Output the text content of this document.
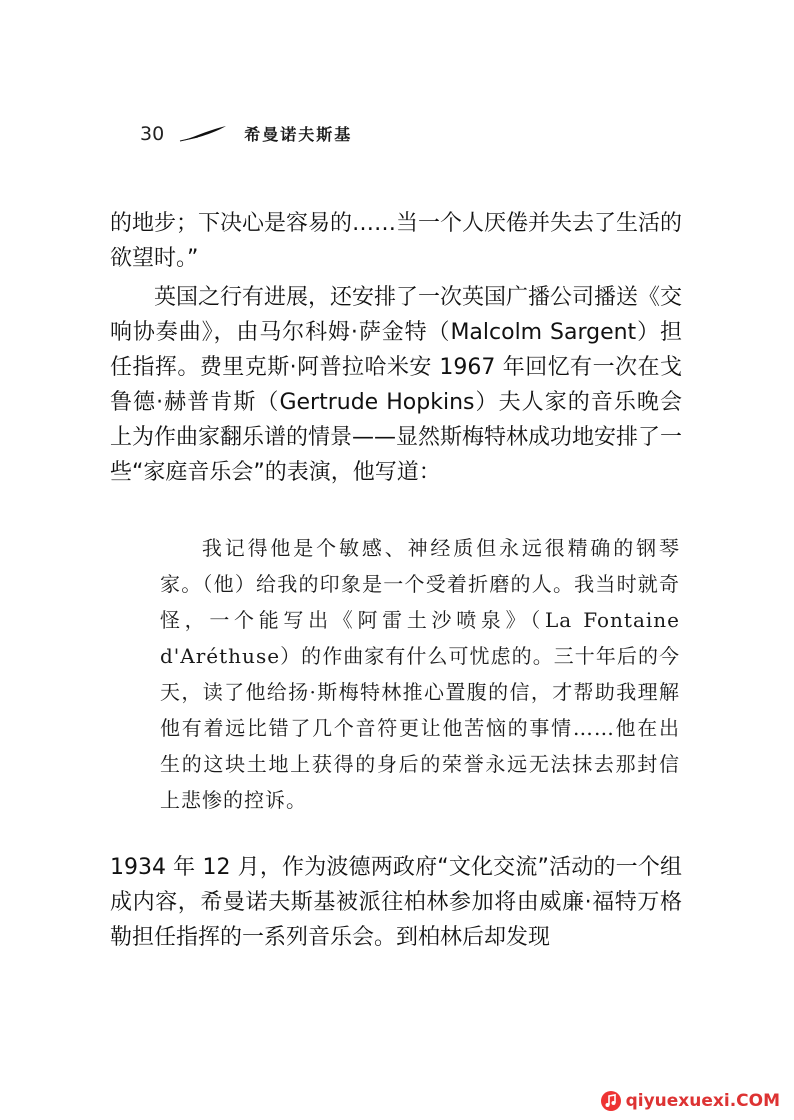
30	希曼诺夫斯基

的地步；下决心是容易的……当一个人厌倦并失去了生活的欲望时。”

英国之行有进展，还安排了一次英国广播公司播送《交响协奏曲》，由马尔科姆·萨金特（Malcolm Sargent）担任指挥。费里克斯·阿普拉哈米安 1967 年回忆有一次在戈鲁德·赫普肯斯（Gertrude Hopkins）夫人家的音乐晚会上为作曲家翻乐谱的情景——显然斯梅特林成功地安排了一些“家庭音乐会”的表演，他写道：

我记得他是个敏感、神经质但永远很精确的钢琴家。（他）给我的印象是一个受着折磨的人。我当时就奇怪，一个能写出《阿雷土沙喷泉》（La Fontaine d'Aréthuse）的作曲家有什么可忧虑的。三十年后的今天，读了他给扬·斯梅特林推心置腹的信，才帮助我理解他有着远比错了几个音符更让他苦恼的事情……他在出生的这块土地上获得的身后的荣誉永远无法抹去那封信上悲惨的控诉。

1934 年 12 月，作为波德两政府“文化交流”活动的一个组成内容，希曼诺夫斯基被派往柏林参加将由威廉·福特万格勒担任指挥的一系列音乐会。到柏林后却发现

qiyuexuexi.COM
